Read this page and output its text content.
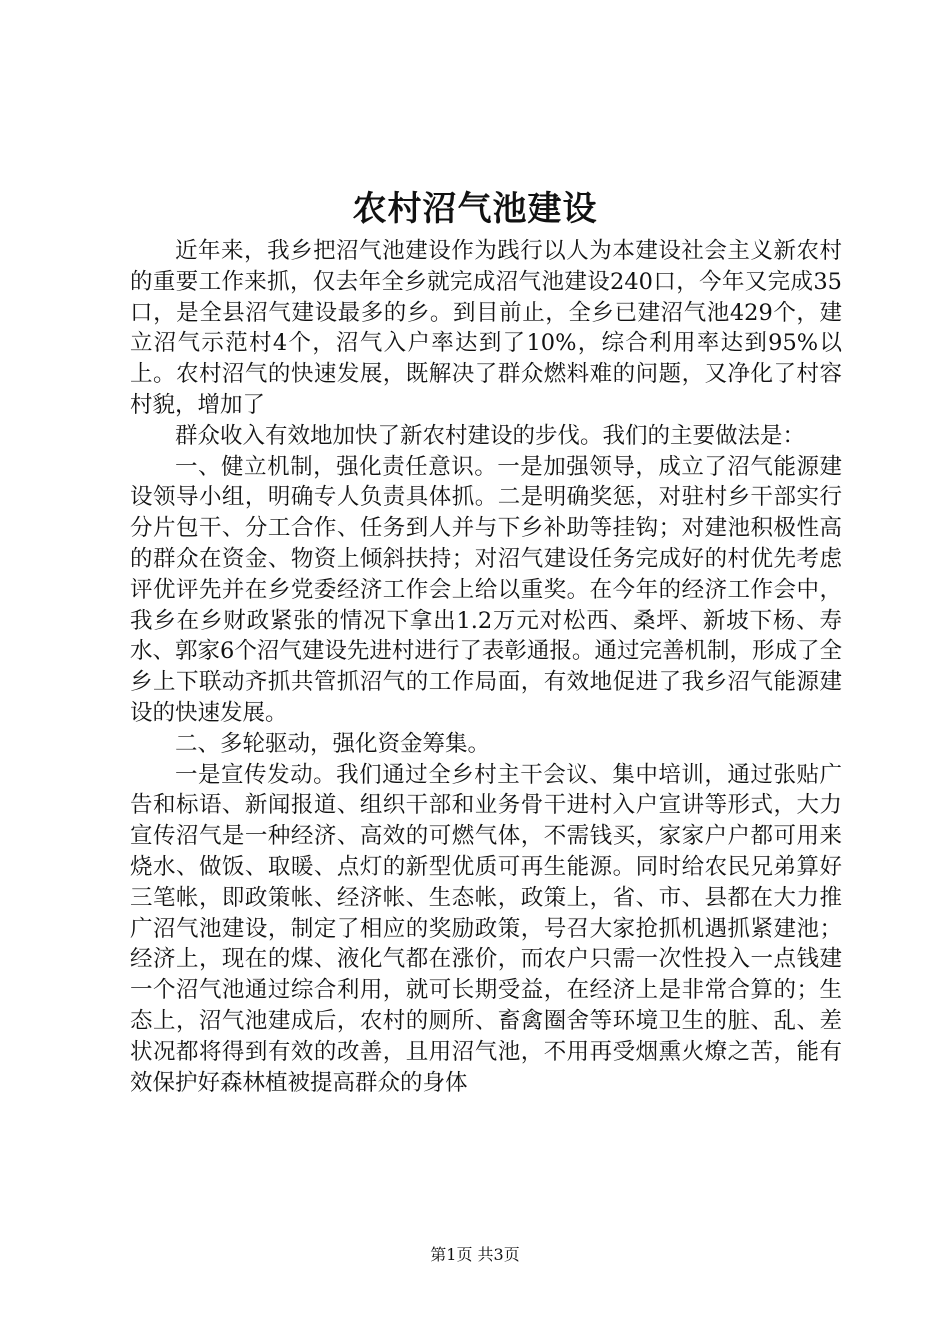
农村沼气池建设

近年来，我乡把沼气池建设作为践行以人为本建设社会主义新农村的重要工作来抓，仅去年全乡就完成沼气池建设240口，今年又完成35口，是全县沼气建设最多的乡。到目前止，全乡已建沼气池429个，建立沼气示范村4个，沼气入户率达到了10%，综合利用率达到95%以上。农村沼气的快速发展，既解决了群众燃料难的问题，又净化了村容村貌，增加了

群众收入有效地加快了新农村建设的步伐。我们的主要做法是：

一、健立机制，强化责任意识。一是加强领导，成立了沼气能源建设领导小组，明确专人负责具体抓。二是明确奖惩，对驻村乡干部实行分片包干、分工合作、任务到人并与下乡补助等挂钩；对建池积极性高的群众在资金、物资上倾斜扶持；对沼气建设任务完成好的村优先考虑评优评先并在乡党委经济工作会上给以重奖。在今年的经济工作会中，我乡在乡财政紧张的情况下拿出1.2万元对松西、桑坪、新坡下杨、寿水、郭家6个沼气建设先进村进行了表彰通报。通过完善机制，形成了全乡上下联动齐抓共管抓沼气的工作局面，有效地促进了我乡沼气能源建设的快速发展。

二、多轮驱动，强化资金筹集。

一是宣传发动。我们通过全乡村主干会议、集中培训，通过张贴广告和标语、新闻报道、组织干部和业务骨干进村入户宣讲等形式，大力宣传沼气是一种经济、高效的可燃气体，不需钱买，家家户户都可用来烧水、做饭、取暖、点灯的新型优质可再生能源。同时给农民兄弟算好三笔帐，即政策帐、经济帐、生态帐，政策上，省、市、县都在大力推广沼气池建设，制定了相应的奖励政策，号召大家抢抓机遇抓紧建池；经济上，现在的煤、液化气都在涨价，而农户只需一次性投入一点钱建一个沼气池通过综合利用，就可长期受益，在经济上是非常合算的；生态上，沼气池建成后，农村的厕所、畜禽圈舍等环境卫生的脏、乱、差状况都将得到有效的改善，且用沼气池，不用再受烟熏火燎之苦，能有效保护好森林植被提高群众的身体

第1页 共3页
